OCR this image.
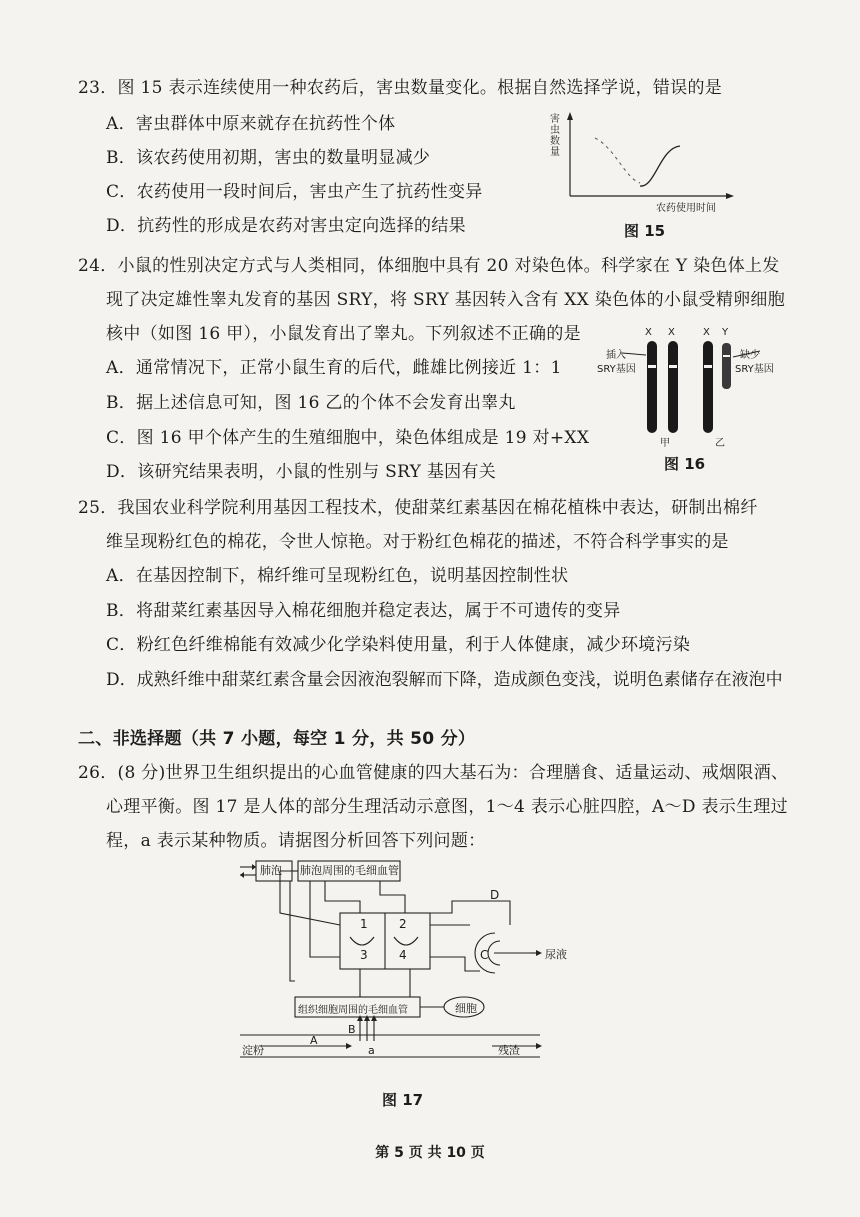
23．图 15 表示连续使用一种农药后，害虫数量变化。根据自然选择学说，错误的是
A．害虫群体中原来就存在抗药性个体
B．该农药使用初期，害虫的数量明显减少
C．农药使用一段时间后，害虫产生了抗药性变异
D．抗药性的形成是农药对害虫定向选择的结果
害虫数量
农药使用时间
图 15
24．小鼠的性别决定方式与人类相同，体细胞中具有 20 对染色体。科学家在 Y 染色体上发
现了决定雄性睾丸发育的基因 SRY，将 SRY 基因转入含有 XX 染色体的小鼠受精卵细胞
核中（如图 16 甲），小鼠发育出了睾丸。下列叙述不正确的是
A．通常情况下，正常小鼠生育的后代，雌雄比例接近 1：1
B．据上述信息可知，图 16 乙的个体不会发育出睾丸
C．图 16 甲个体产生的生殖细胞中，染色体组成是 19 对+XX
D．该研究结果表明，小鼠的性别与 SRY 基因有关
X X	X Y
插入
SRY基因
缺少
SRY基因
甲	乙
图 16
25．我国农业科学院利用基因工程技术，使甜菜红素基因在棉花植株中表达，研制出棉纤
维呈现粉红色的棉花，令世人惊艳。对于粉红色棉花的描述，不符合科学事实的是
A．在基因控制下，棉纤维可呈现粉红色，说明基因控制性状
B．将甜菜红素基因导入棉花细胞并稳定表达，属于不可遗传的变异
C．粉红色纤维棉能有效减少化学染料使用量，利于人体健康，减少环境污染
D．成熟纤维中甜菜红素含量会因液泡裂解而下降，造成颜色变浅，说明色素储存在液泡中
二、非选择题（共 7 小题，每空 1 分，共 50 分）
26．(8 分)世界卫生组织提出的心血管健康的四大基石为：合理膳食、适量运动、戒烟限酒、
心理平衡。图 17 是人体的部分生理活动示意图，1～4 表示心脏四腔，A～D 表示生理过
程，a 表示某种物质。请据图分析回答下列问题：
肺泡 肺泡周围的毛细血管
1	2
3	4
D
C	尿液
组织细胞周围的毛细血管	细胞
B
A
a
淀粉	残渣
图 17
第 5 页 共 10 页
